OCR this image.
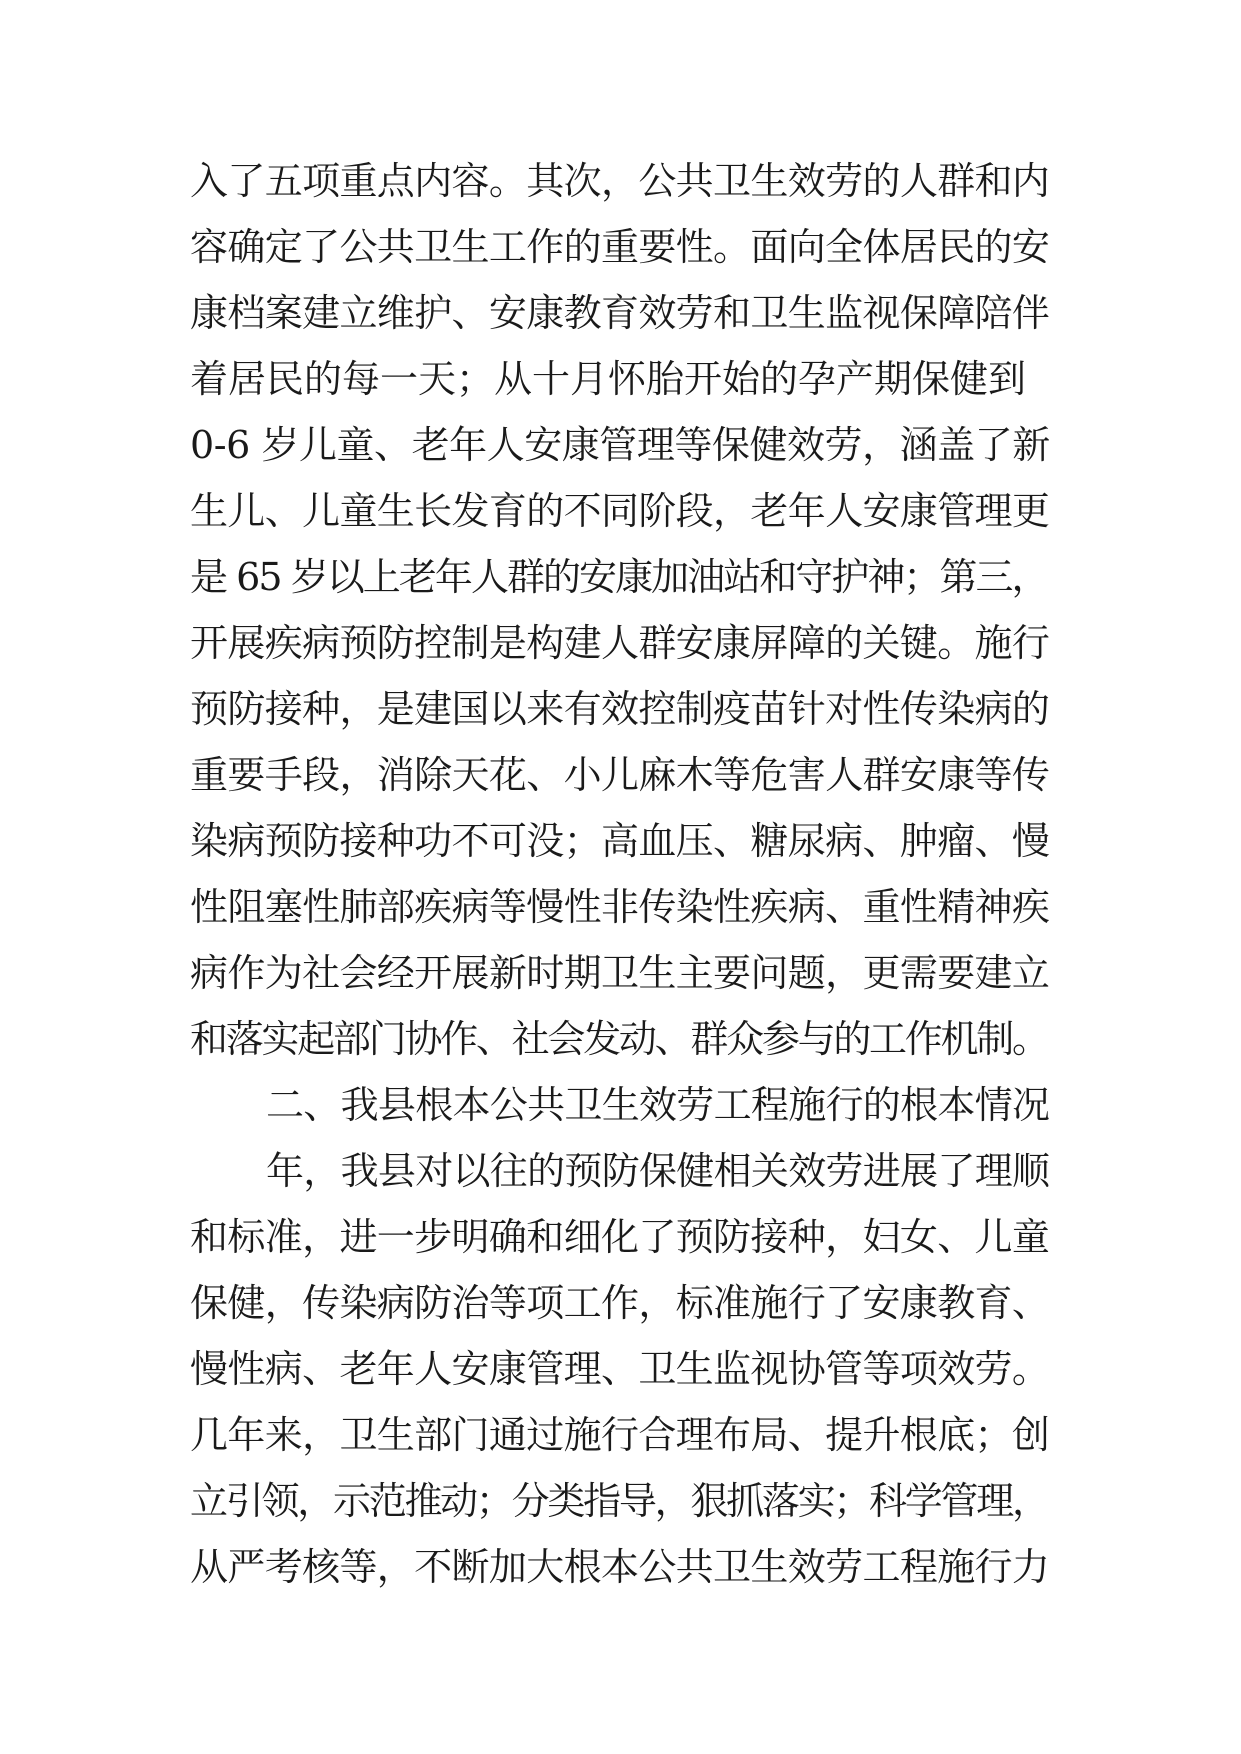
入了五项重点内容。其次，公共卫生效劳的人群和内
容确定了公共卫生工作的重要性。面向全体居民的安
康档案建立维护、安康教育效劳和卫生监视保障陪伴
着居民的每一天；从十月怀胎开始的孕产期保健到
0-6 岁儿童、老年人安康管理等保健效劳，涵盖了新
生儿、儿童生长发育的不同阶段，老年人安康管理更
是 65 岁以上老年人群的安康加油站和守护神；第三，
开展疾病预防控制是构建人群安康屏障的关键。施行
预防接种，是建国以来有效控制疫苗针对性传染病的
重要手段，消除天花、小儿麻木等危害人群安康等传
染病预防接种功不可没；高血压、糖尿病、肿瘤、慢
性阻塞性肺部疾病等慢性非传染性疾病、重性精神疾
病作为社会经开展新时期卫生主要问题，更需要建立
和落实起部门协作、社会发动、群众参与的工作机制。
二、我县根本公共卫生效劳工程施行的根本情况
年，我县对以往的预防保健相关效劳进展了理顺
和标准，进一步明确和细化了预防接种，妇女、儿童
保健，传染病防治等项工作，标准施行了安康教育、
慢性病、老年人安康管理、卫生监视协管等项效劳。
几年来，卫生部门通过施行合理布局、提升根底；创
立引领，示范推动；分类指导，狠抓落实；科学管理，
从严考核等，不断加大根本公共卫生效劳工程施行力
